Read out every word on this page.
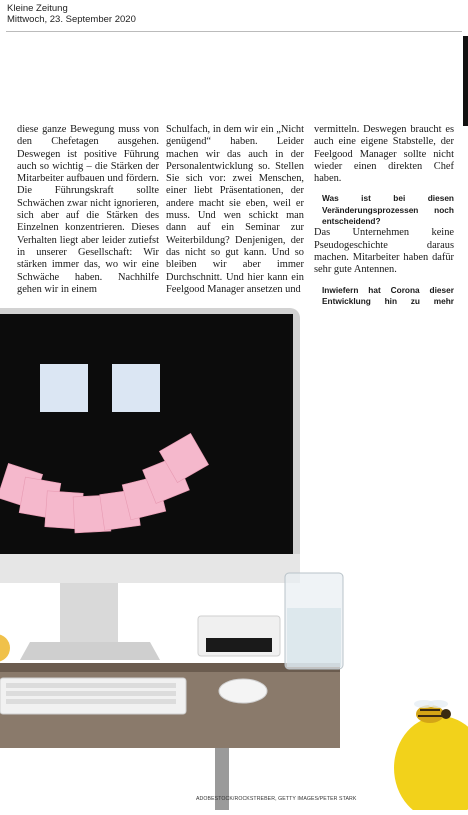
Kleine Zeitung
Mittwoch, 23. September 2020
I

diese ganze Bewegung muss von den Chefetagen ausgehen. Deswegen ist positive Führung auch so wichtig – die Stärken der Mitarbeiter aufbauen und fördern. Die Führungskraft sollte Schwächen zwar nicht ignorieren, sich aber auf die Stärken des Einzelnen konzentrieren. Dieses Verhalten liegt aber leider zutiefst in unserer Gesellschaft: Wir stärken immer das, wo wir eine Schwäche haben. Nachhilfe gehen wir in einem

Schulfach, in dem wir ein „Nicht genügend“ haben. Leider machen wir das auch in der Personalentwicklung so. Stellen Sie sich vor: zwei Menschen, einer liebt Präsentationen, der andere macht sie eben, weil er muss. Und wen schickt man dann auf ein Seminar zur Weiterbildung? Denjenigen, der das nicht so gut kann. Und so bleiben wir aber immer Durchschnitt. Und hier kann ein Feelgood Manager ansetzen und

vermitteln. Deswegen braucht es auch eine eigene Stabstelle, der Feelgood Manager sollte nicht wieder einen direkten Chef haben.

Was ist bei diesen Veränderungsprozessen noch entscheidend?

Das Unternehmen keine Pseudogeschichte daraus machen. Mitarbeiter haben dafür sehr gute Antennen.

Inwiefern hat Corona dieser Entwicklung hin zu mehr

ADOBESTOCK/ROCKSTREBER, GETTY IMAGES/PETER STARK
